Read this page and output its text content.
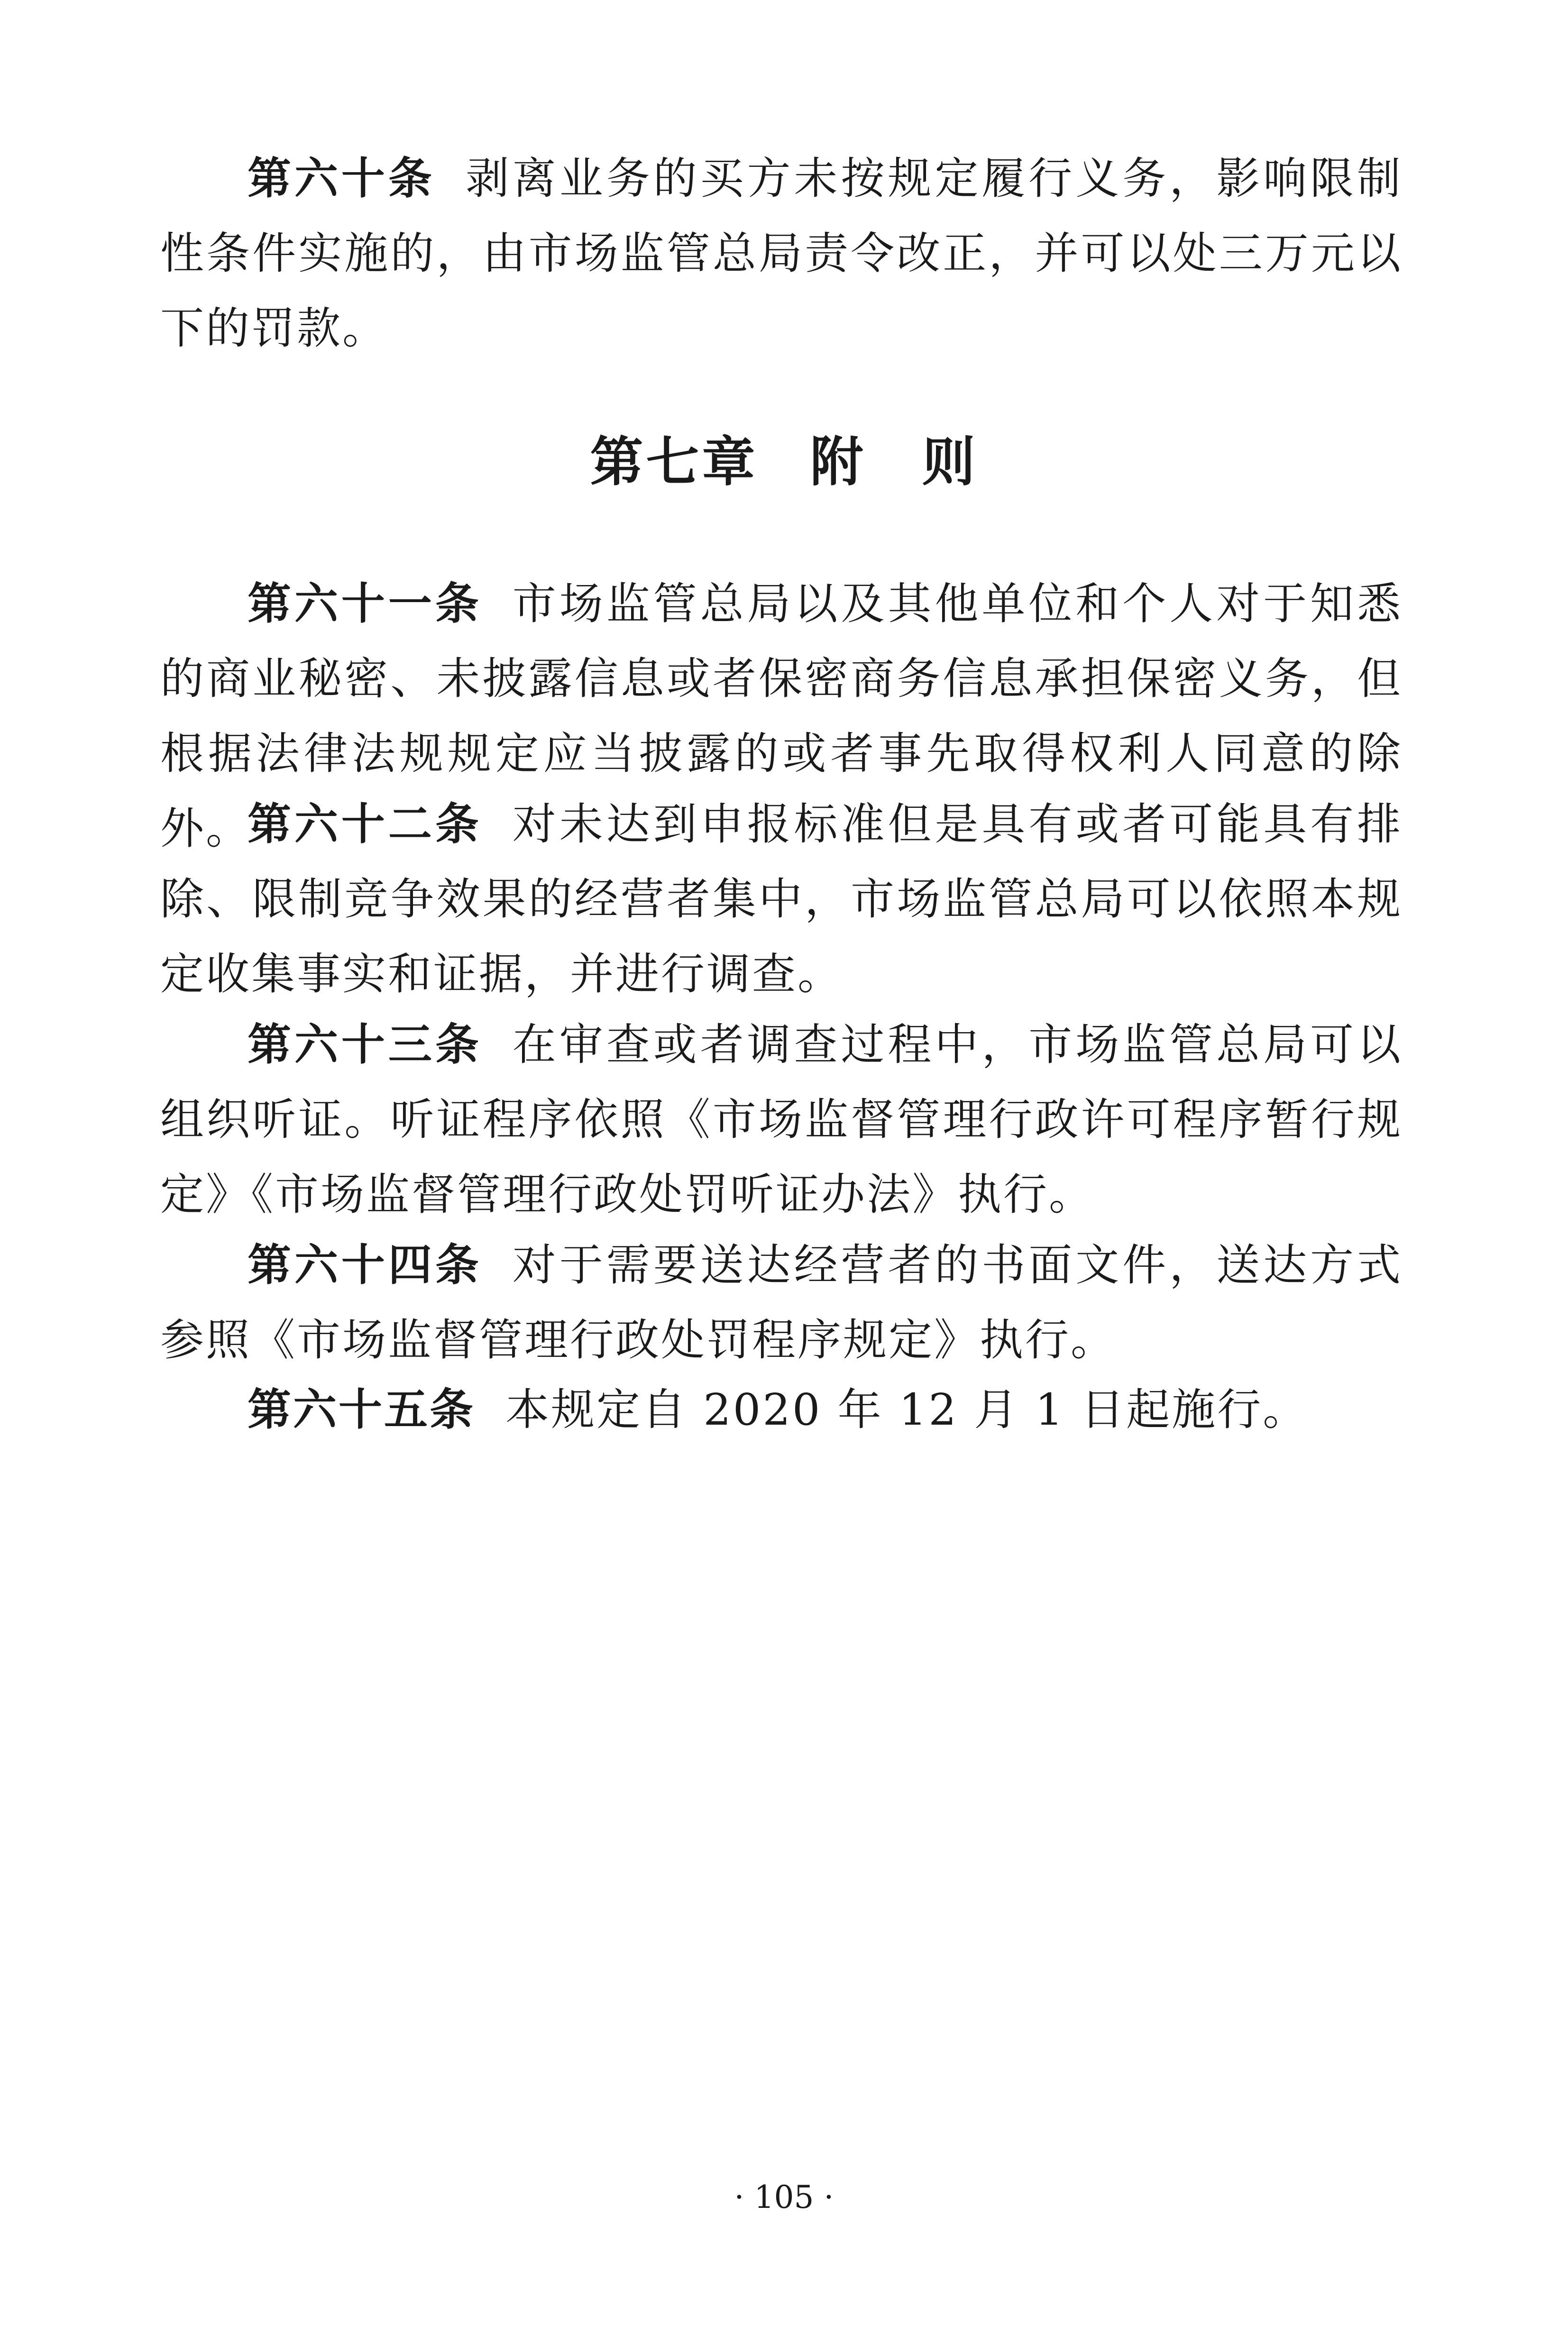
第六十条 剥离业务的买方未按规定履行义务，影响限制性条件实施的，由市场监管总局责令改正，并可以处三万元以下的罚款。

第七章 附　则

第六十一条 市场监管总局以及其他单位和个人对于知悉的商业秘密、未披露信息或者保密商务信息承担保密义务，但根据法律法规规定应当披露的或者事先取得权利人同意的除外。

第六十二条 对未达到申报标准但是具有或者可能具有排除、限制竞争效果的经营者集中，市场监管总局可以依照本规定收集事实和证据，并进行调查。

第六十三条 在审查或者调查过程中，市场监管总局可以组织听证。听证程序依照《市场监督管理行政许可程序暂行规定》《市场监督管理行政处罚听证办法》执行。

第六十四条 对于需要送达经营者的书面文件，送达方式参照《市场监督管理行政处罚程序规定》执行。

第六十五条 本规定自 2020 年 12 月 1 日起施行。

· 105 ·
